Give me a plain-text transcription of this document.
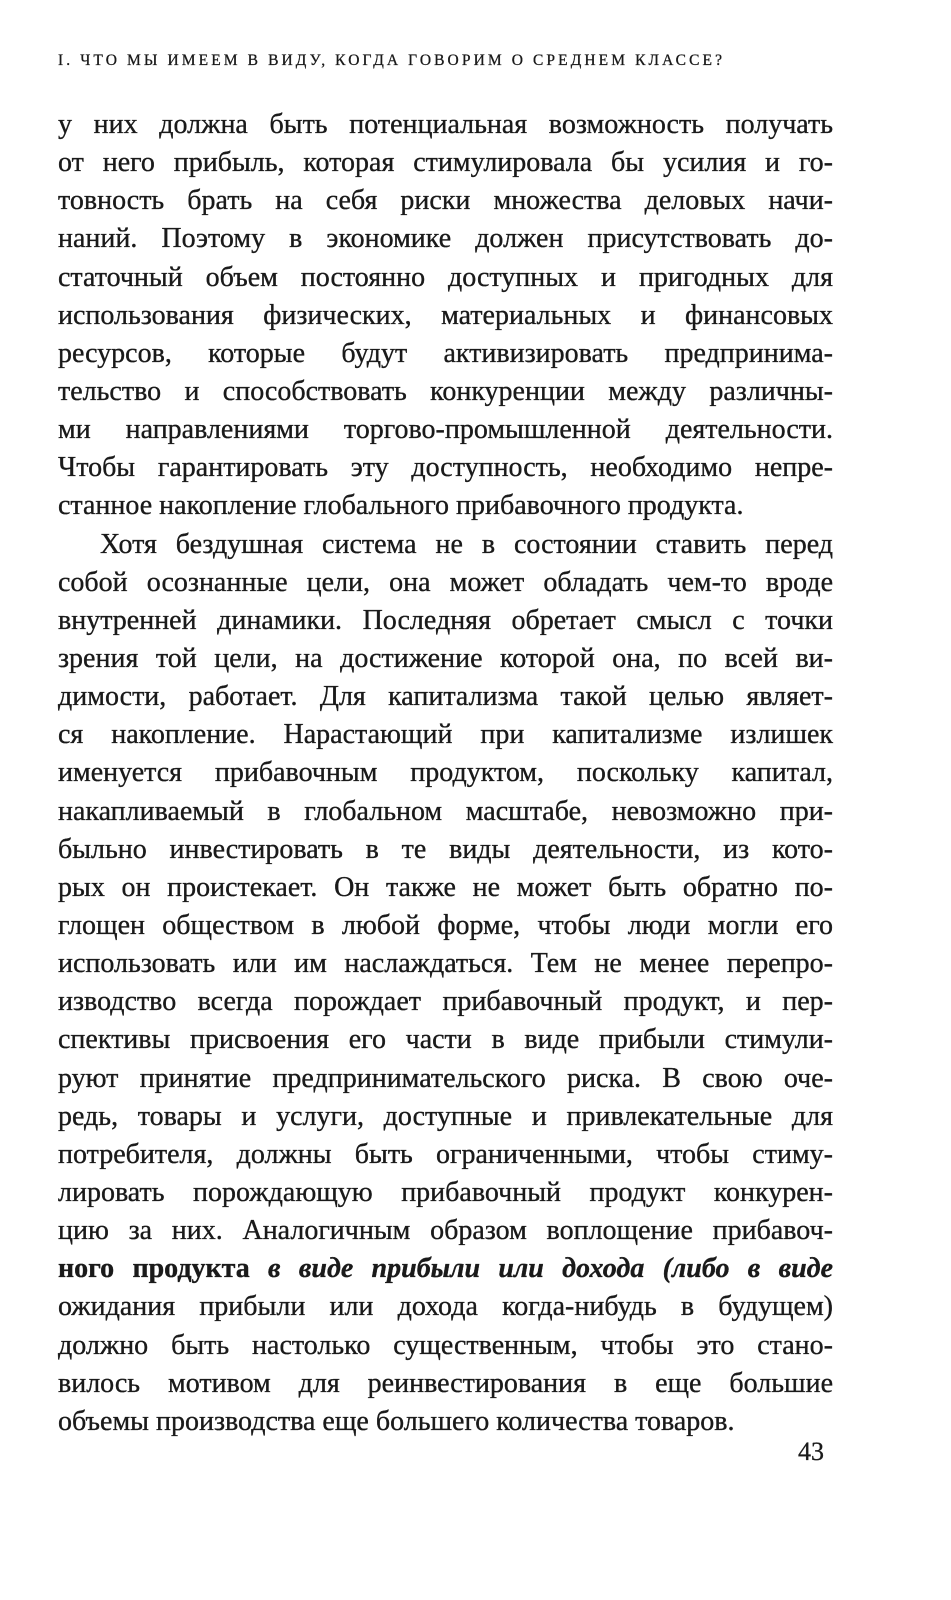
I. ЧТО МЫ ИМЕЕМ В ВИДУ, КОГДА ГОВОРИМ О СРЕДНЕМ КЛАССЕ?
у них должна быть потенциальная возможность получать
от него прибыль, которая стимулировала бы усилия и го-
товность брать на себя риски множества деловых начи-
наний. Поэтому в экономике должен присутствовать до-
статочный объем постоянно доступных и пригодных для
использования физических, материальных и финансовых
ресурсов, которые будут активизировать предпринима-
тельство и способствовать конкуренции между различны-
ми направлениями торгово-промышленной деятельности.
Чтобы гарантировать эту доступность, необходимо непре-
станное накопление глобального прибавочного продукта.
Хотя бездушная система не в состоянии ставить перед
собой осознанные цели, она может обладать чем-то вроде
внутренней динамики. Последняя обретает смысл с точки
зрения той цели, на достижение которой она, по всей ви-
димости, работает. Для капитализма такой целью являет-
ся накопление. Нарастающий при капитализме излишек
именуется прибавочным продуктом, поскольку капитал,
накапливаемый в глобальном масштабе, невозможно при-
быльно инвестировать в те виды деятельности, из кото-
рых он проистекает. Он также не может быть обратно по-
глощен обществом в любой форме, чтобы люди могли его
использовать или им наслаждаться. Тем не менее перепро-
изводство всегда порождает прибавочный продукт, и пер-
спективы присвоения его части в виде прибыли стимули-
руют принятие предпринимательского риска. В свою оче-
редь, товары и услуги, доступные и привлекательные для
потребителя, должны быть ограниченными, чтобы стиму-
лировать порождающую прибавочный продукт конкурен-
цию за них. Аналогичным образом воплощение прибавоч-
ного продукта в виде прибыли или дохода (либо в виде
ожидания прибыли или дохода когда-нибудь в будущем)
должно быть настолько существенным, чтобы это стано-
вилось мотивом для реинвестирования в еще большие
объемы производства еще большего количества товаров.
43
